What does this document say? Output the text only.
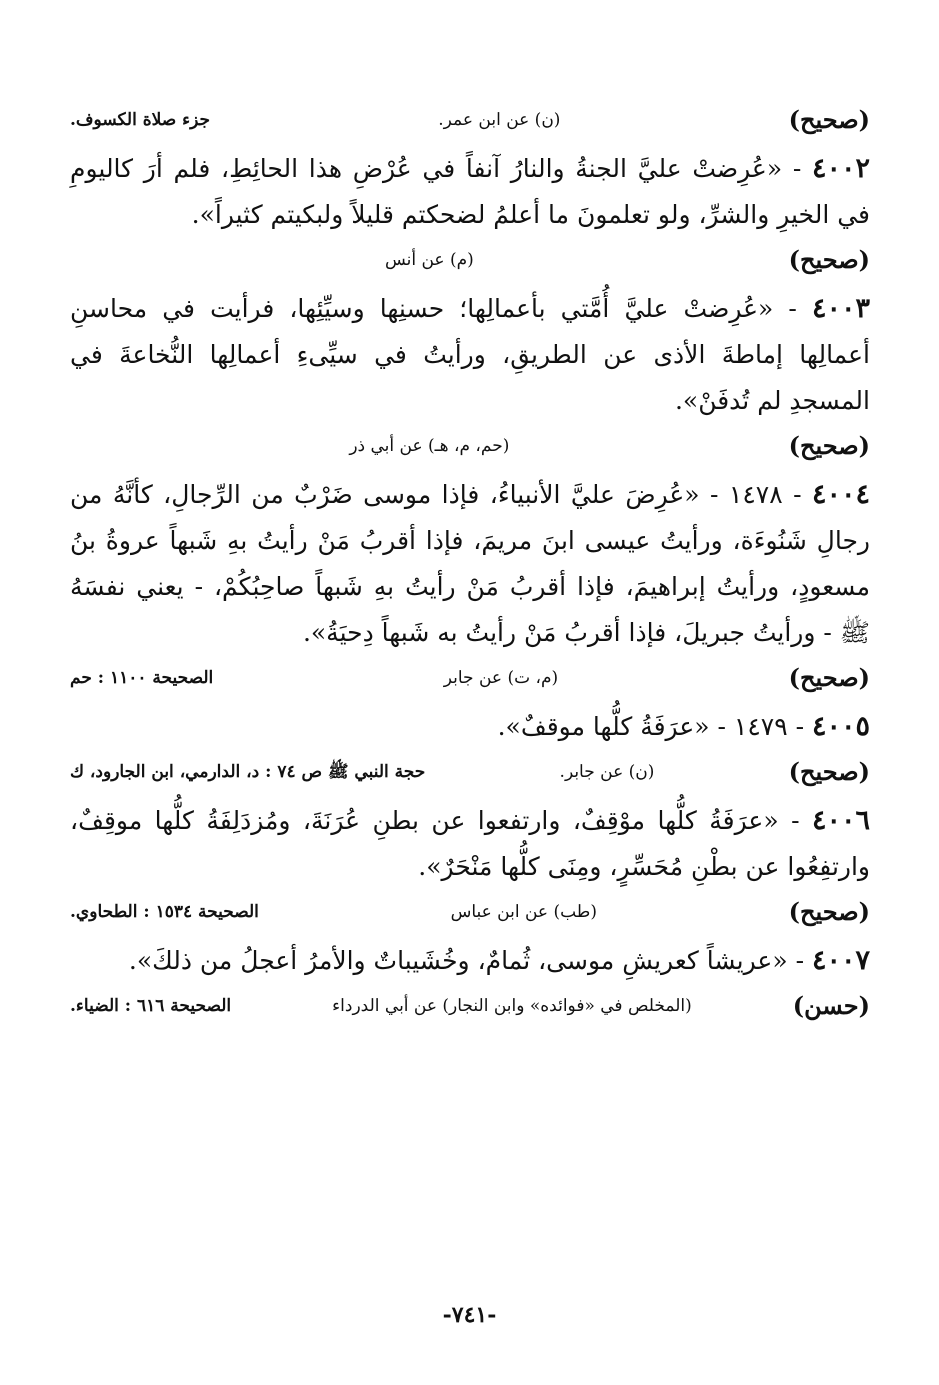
(صحيح)
(ن) عن ابن عمر.
جزء صلاة الكسوف.
٤٠٠٢ - «عُرِضتْ عليَّ الجنةُ والنارُ آنفاً في عُرْضِ هذا الحائِطِ، فلم أرَ كاليومِ في الخيرِ والشرِّ، ولو تعلمونَ ما أعلمُ لضحكتم قليلاً ولبكيتم كثيراً».
(صحيح)
(م) عن أنس
٤٠٠٣ - «عُرِضتْ عليَّ أُمَّتي بأعمالِها؛ حسنِها وسيِّئِها، فرأيت في محاسنِ أعمالِها إماطةَ الأذى عن الطريقِ، ورأيتُ في سيِّىءِ أعمالِها النُّخاعةَ في المسجدِ لم تُدفَنْ».
(صحيح)
(حم، م، هـ) عن أبي ذر
٤٠٠٤ - ١٤٧٨ - «عُرِضَ عليَّ الأنبياءُ، فإذا موسى ضَرْبٌ من الرِّجالِ، كأنَّهُ من رجالِ شَنُوءَة، ورأيتُ عيسى ابنَ مريمَ، فإذا أقربُ مَنْ رأيتُ بهِ شَبهاً عروةُ بنُ مسعودٍ، ورأيتُ إبراهيمَ، فإذا أقربُ مَنْ رأيتُ بهِ شَبهاً صاحِبُكُمْ، - يعني نفسَهُ ﷺ - ورأيتُ جبريلَ، فإذا أقربُ مَنْ رأيتُ به شَبهاً دِحيَةُ».
(صحيح)
(م، ت) عن جابر
الصحيحة ١١٠٠ : حم
٤٠٠٥ - ١٤٧٩ - «عرَفَةُ كلُّها موقفٌ».
(صحيح)
(ن) عن جابر.
حجة النبي ﷺ ص ٧٤ : د، الدارمي، ابن الجارود، ك
٤٠٠٦ - «عرَفَةُ كلُّها موْقِفٌ، وارتفعوا عن بطنِ عُرَنَةَ، ومُزدَلِفَةُ كلُّها موقِفٌ، وارتفِعُوا عن بطْنِ مُحَسِّرٍ، ومِنَى كلُّها مَنْحَرٌ».
(صحيح)
(طب) عن ابن عباس
الصحيحة ١٥٣٤ : الطحاوي.
٤٠٠٧ - «عريشاً كعريشِ موسى، ثُمامٌ، وخُشَيباتٌ والأمرُ أعجلُ من ذلكَ».
(حسن)
(المخلص في «فوائده» وابن النجار) عن أبي الدرداء
الصحيحة ٦١٦ : الضياء.
-٧٤١-
